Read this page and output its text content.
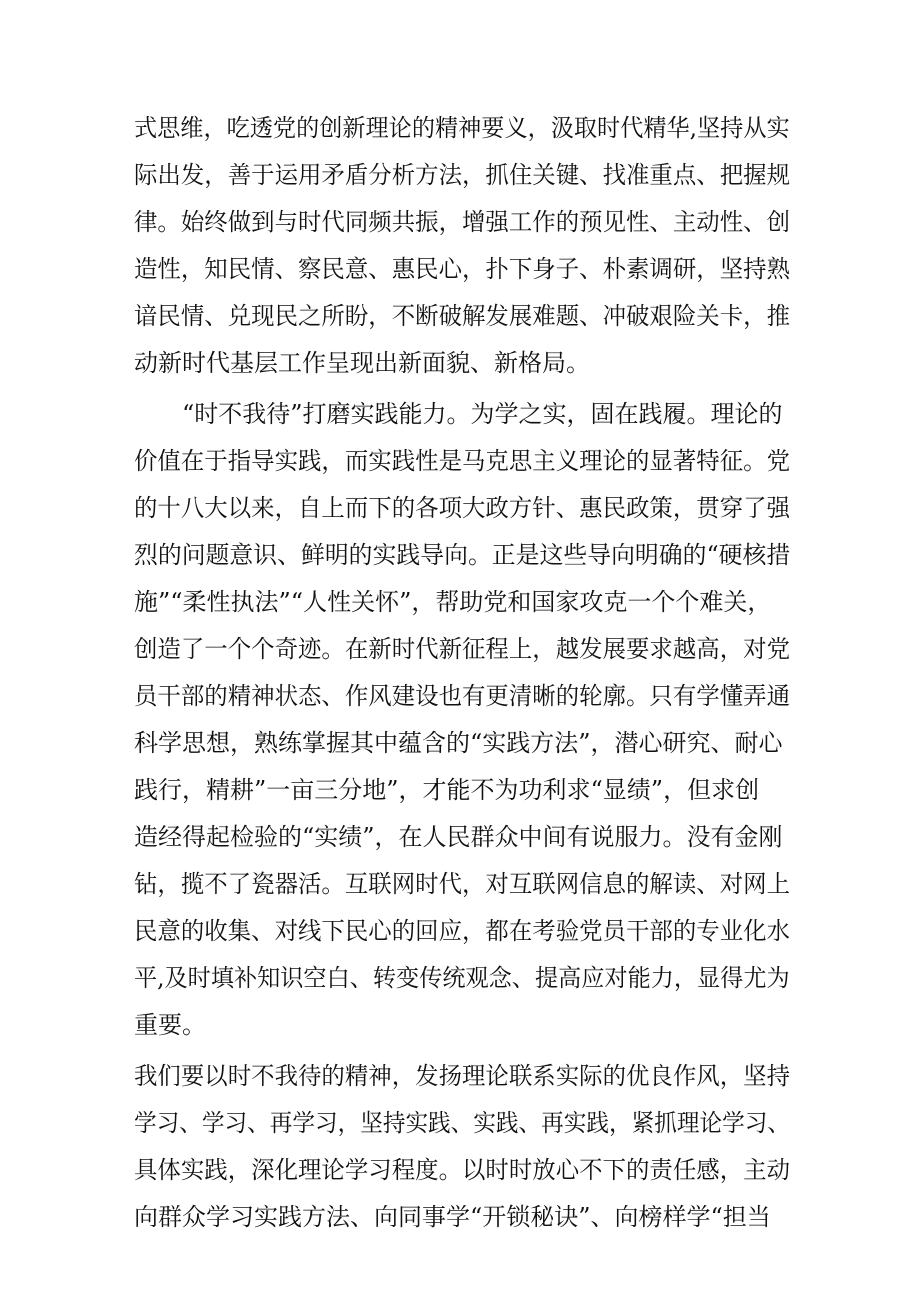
式思维，吃透党的创新理论的精神要义，汲取时代精华,坚持从实
际出发，善于运用矛盾分析方法，抓住关键、找准重点、把握规
律。始终做到与时代同频共振，增强工作的预见性、主动性、创
造性，知民情、察民意、惠民心，扑下身子、朴素调研，坚持熟
谙民情、兑现民之所盼，不断破解发展难题、冲破艰险关卡，推
动新时代基层工作呈现出新面貌、新格局。
“时不我待”打磨实践能力。为学之实，固在践履。理论的
价值在于指导实践，而实践性是马克思主义理论的显著特征。党
的十八大以来，自上而下的各项大政方针、惠民政策，贯穿了强
烈的问题意识、鲜明的实践导向。正是这些导向明确的“硬核措
施”“柔性执法”“人性关怀”，帮助党和国家攻克一个个难关，
创造了一个个奇迹。在新时代新征程上，越发展要求越高，对党
员干部的精神状态、作风建设也有更清晰的轮廓。只有学懂弄通
科学思想，熟练掌握其中蕴含的“实践方法”，潜心研究、耐心
践行，精耕”一亩三分地”，才能不为功利求“显绩”，但求创
造经得起检验的“实绩”，在人民群众中间有说服力。没有金刚
钻，揽不了瓷器活。互联网时代，对互联网信息的解读、对网上
民意的收集、对线下民心的回应，都在考验党员干部的专业化水
平,及时填补知识空白、转变传统观念、提高应对能力，显得尤为
重要。
我们要以时不我待的精神，发扬理论联系实际的优良作风，坚持
学习、学习、再学习，坚持实践、实践、再实践，紧抓理论学习、
具体实践，深化理论学习程度。以时时放心不下的责任感，主动
向群众学习实践方法、向同事学“开锁秘诀”、向榜样学“担当
